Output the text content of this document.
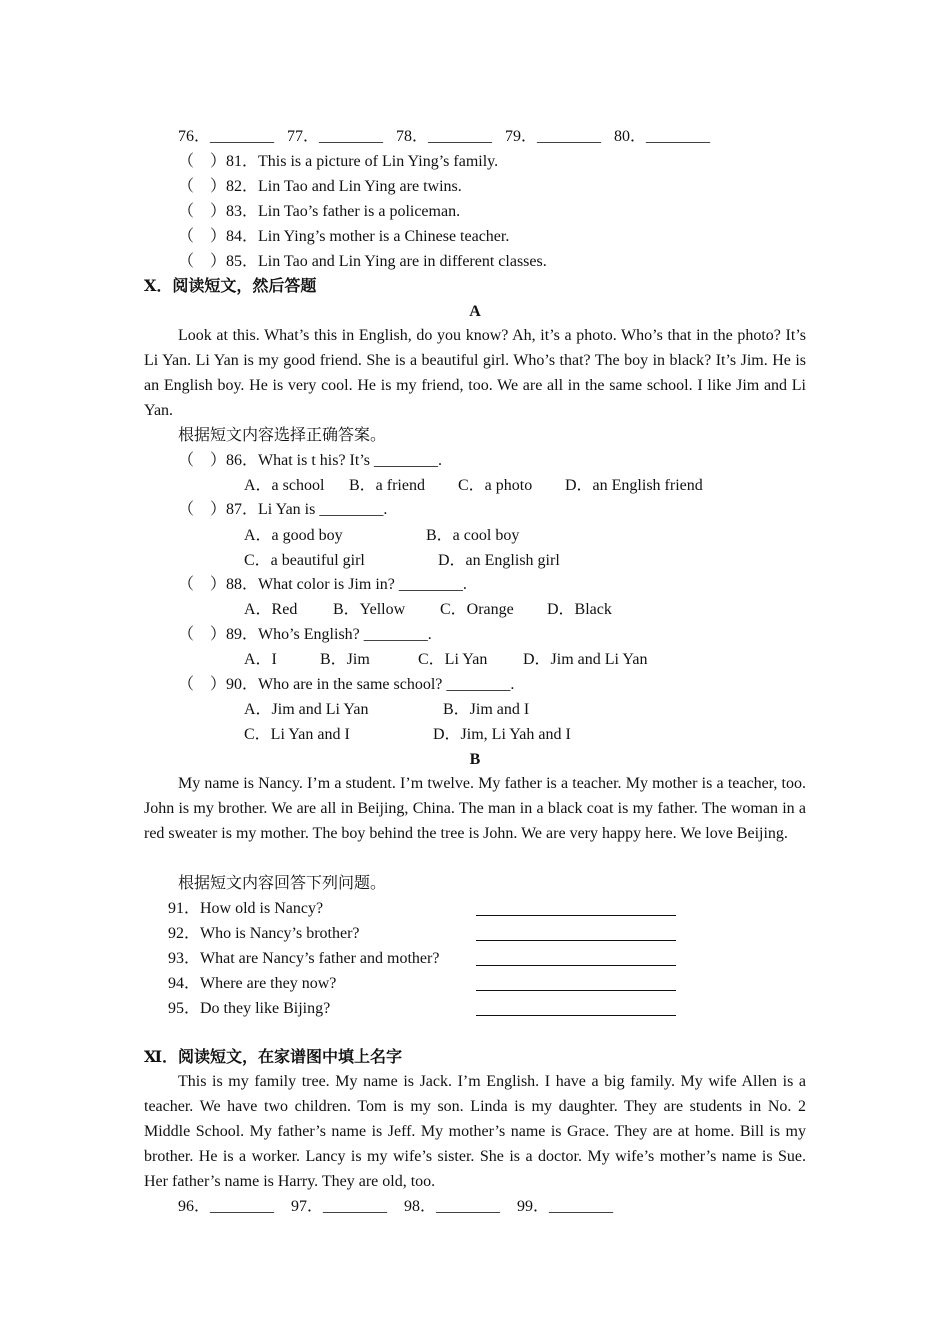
76．________ 77．________ 78．________ 79．________ 80．________
（　）81．This is a picture of Lin Ying’s family.
（　）82．Lin Tao and Lin Ying are twins.
（　）83．Lin Tao’s father is a policeman.
（　）84．Lin Ying’s mother is a Chinese teacher.
（　）85．Lin Tao and Lin Ying are in different classes.
Ⅹ．阅读短文，然后答题
A
Look at this. What’s this in English, do you know? Ah, it’s a photo. Who’s that in the photo? It’s Li Yan. Li Yan is my good friend. She is a beautiful girl. Who’s that? The boy in black? It’s Jim. He is an English boy. He is very cool. He is my friend, too. We are all in the same school. I like Jim and Li Yan.
根据短文内容选择正确答案。
（　）86．What is t his? It’s ________.
A．a school B．a friend C．a photo D．an English friend
（　）87．Li Yan is ________.
A．a good boy	B．a cool boy
C．a beautiful girl	D．an English girl
（　）88．What color is Jim in? ________.
A．Red B．Yellow C．Orange D．Black
（　）89．Who’s English? ________.
A．I	B．Jim	C．Li Yan D．Jim and Li Yan
（　）90．Who are in the same school? ________.
A．Jim and Li Yan	B．Jim and I
C．Li Yan and I	D．Jim, Li Yah and I
B
My name is Nancy. I’m a student. I’m twelve. My father is a teacher. My mother is a teacher, too. John is my brother. We are all in Beijing, China. The man in a black coat is my father. The woman in a red sweater is my mother. The boy behind the tree is John. We are very happy here. We love Beijing.
根据短文内容回答下列问题。
91．How old is Nancy?
92．Who is Nancy’s brother?
93．What are Nancy’s father and mother?
94．Where are they now?
95．Do they like Bijing?
Ⅺ．阅读短文，在家谱图中填上名字
This is my family tree. My name is Jack. I’m English. I have a big family. My wife Allen is a teacher. We have two children. Tom is my son. Linda is my daughter. They are students in No. 2 Middle School. My father’s name is Jeff. My mother’s name is Grace. They are at home. Bill is my brother. He is a worker. Lancy is my wife’s sister. She is a doctor. My wife’s mother’s name is Sue. Her father’s name is Harry. They are old, too.
96．________ 97．________ 98．________ 99．________
